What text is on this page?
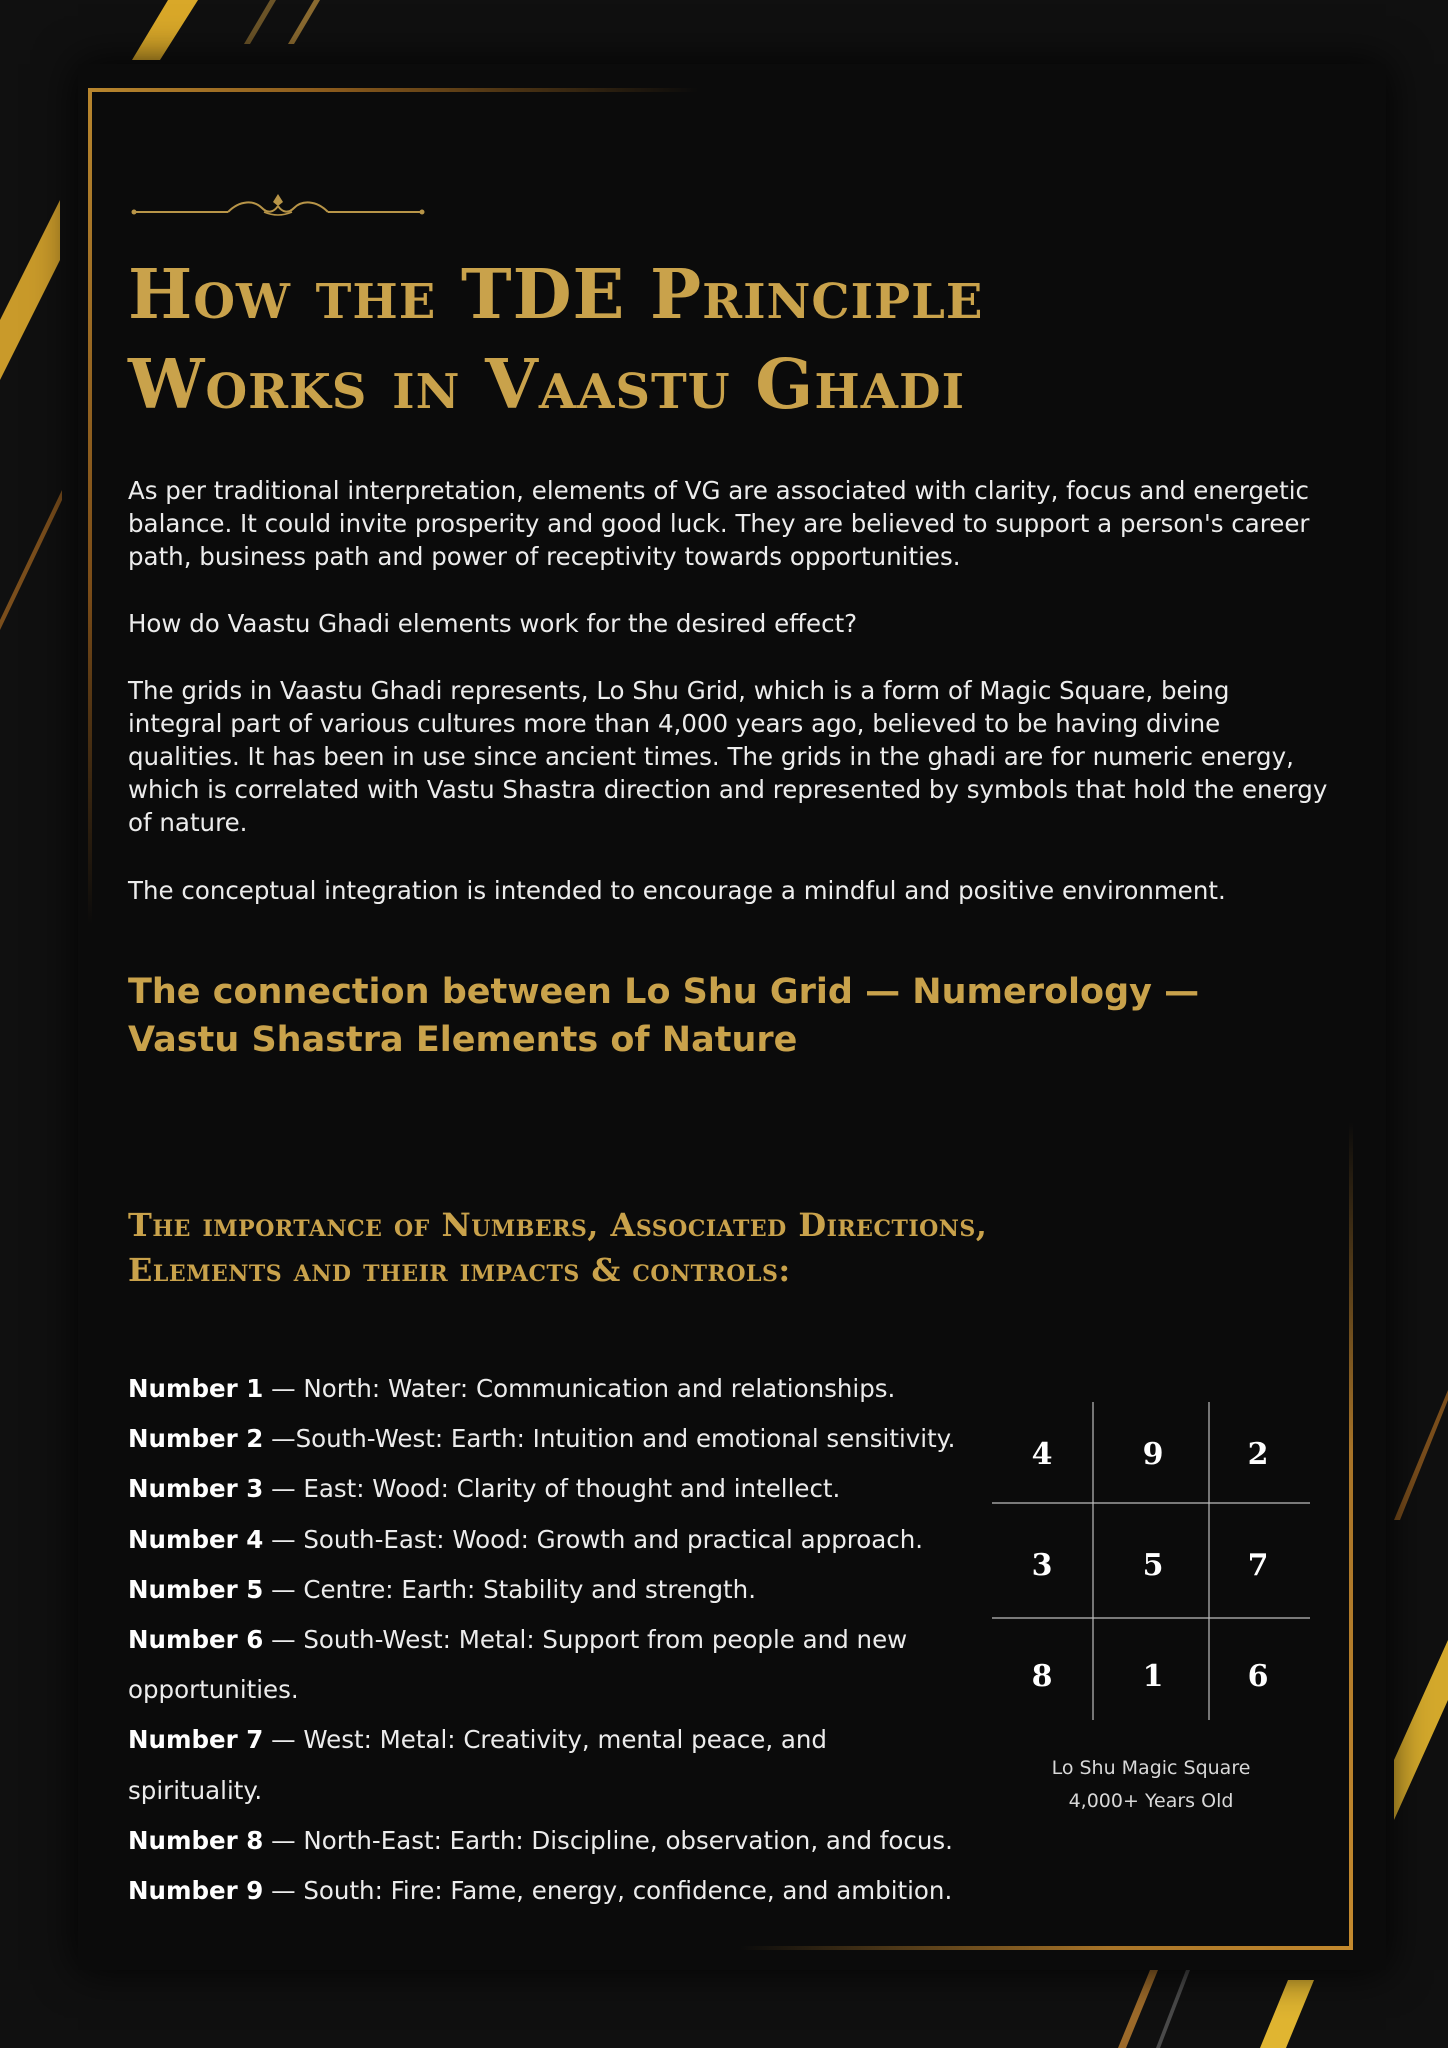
How the TDE Principle
Works in Vaastu Ghadi

As per traditional interpretation, elements of VG are associated with clarity, focus and energetic balance. It could invite prosperity and good luck. They are believed to support a person's career path, business path and power of receptivity towards opportunities.

How do Vaastu Ghadi elements work for the desired effect?

The grids in Vaastu Ghadi represents, Lo Shu Grid, which is a form of Magic Square, being integral part of various cultures more than 4,000 years ago, believed to be having divine qualities. It has been in use since ancient times. The grids in the ghadi are for numeric energy, which is correlated with Vastu Shastra direction and represented by symbols that hold the energy of nature.

The conceptual integration is intended to encourage a mindful and positive environment.

The connection between Lo Shu Grid — Numerology —
Vastu Shastra Elements of Nature
The importance of Numbers, Associated Directions,
Elements and their impacts & controls:
Number 1 — North: Water: Communication and relationships.
Number 2 —South-West: Earth: Intuition and emotional sensitivity.
Number 3 — East: Wood: Clarity of thought and intellect.
Number 4 — South-East: Wood: Growth and practical approach.
Number 5 — Centre: Earth: Stability and strength.
Number 6 — South-West: Metal: Support from people and new opportunities.
Number 7 — West: Metal: Creativity, mental peace, and spirituality.
Number 8 — North-East: Earth: Discipline, observation, and focus.
Number 9 — South: Fire: Fame, energy, confidence, and ambition.
4	9	2
3	5	7
8	1	6
Lo Shu Magic Square
4,000+ Years Old
